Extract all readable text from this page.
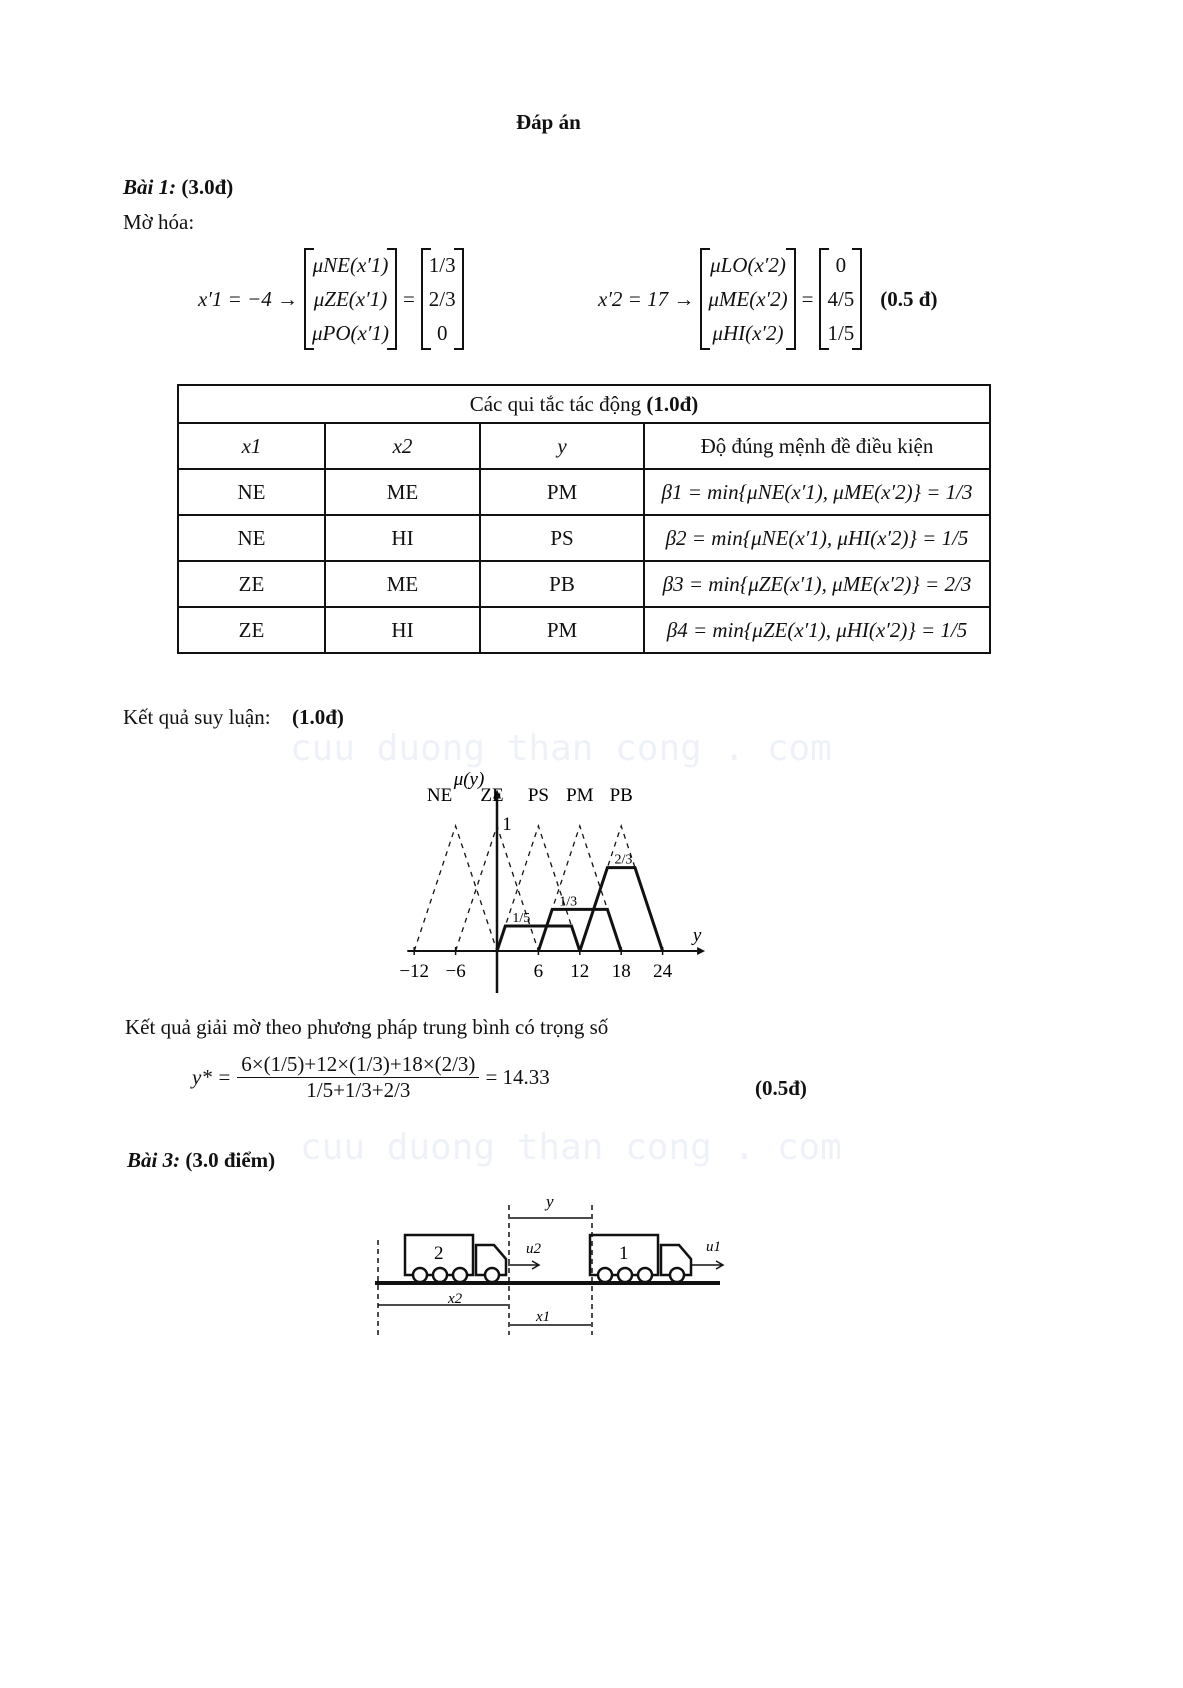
cuu duong than cong . com
cuu duong than cong . com
Đáp án
Bài 1: (3.0đ)
Mờ hóa:
x′1 = −4 →
μNE(x′1)
μZE(x′1)
μPO(x′1)
=
1/3
2/3
0
x′2 = 17 →
μLO(x′2)
μME(x′2)
μHI(x′2)
=
0
4/5
1/5
(0.5 đ)
Các qui tắc tác động (1.0đ)			
x1	x2	y	Độ đúng mệnh đề điều kiện
NE	ME	PM	β1 = min{μNE(x′1), μME(x′2)} = 1/3
NE	HI	PS	β2 = min{μNE(x′1), μHI(x′2)} = 1/5
ZE	ME	PB	β3 = min{μZE(x′1), μME(x′2)} = 2/3
ZE	HI	PM	β4 = min{μZE(x′1), μHI(x′2)} = 1/5
Kết quả suy luận: (1.0đ)
μ(y)
y
1
−12 −6	6 12 18 24
NE ZE PS PM PB
1/5
1/3
2/3
Kết quả giải mờ theo phương pháp trung bình có trọng số
$y* = \frac{6\times(1/5)+12\times(1/3)+18\times(2/3)}{1/5+1/3+2/3} = 14.33$	(0.5đ)
Bài 3: (3.0 điểm)
y
2	1
u2	u1
x2
x1
